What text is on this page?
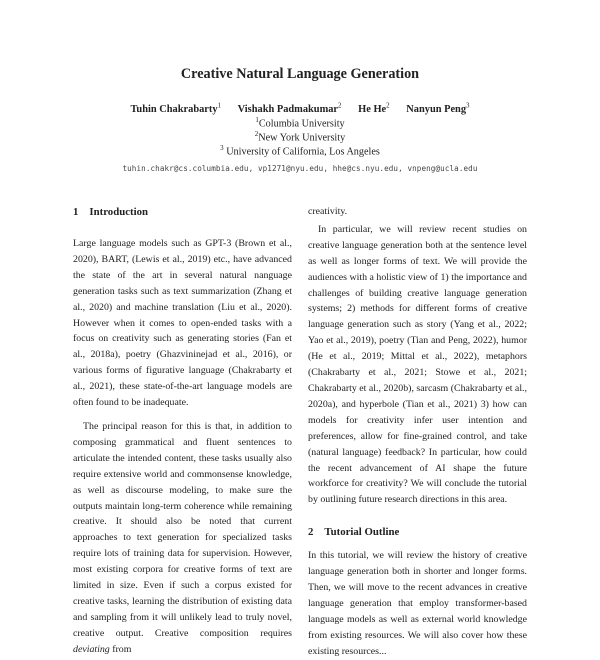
Creative Natural Language Generation
Tuhin Chakrabarty$^1$ Vishakh Padmakumar$^2$ He He$^2$ Nanyun Peng$^3$
$^1$Columbia University
$^2$New York University
$^3$ University of California, Los Angeles
tuhin.chakr@cs.columbia.edu, vp1271@nyu.edu, hhe@cs.nyu.edu, vnpeng@ucla.edu
1 Introduction

Large language models such as GPT-3 (Brown et al., 2020), BART, (Lewis et al., 2019) etc., have advanced the state of the art in several natural nanguage generation tasks such as text summarization (Zhang et al., 2020) and machine translation (Liu et al., 2020). However when it comes to open-ended tasks with a focus on creativity such as generating stories (Fan et al., 2018a), poetry (Ghazvininejad et al., 2016), or various forms of figurative language (Chakrabarty et al., 2021), these state-of-the-art language models are often found to be inadequate.

The principal reason for this is that, in addition to composing grammatical and fluent sentences to articulate the intended content, these tasks usually also require extensive world and commonsense knowledge, as well as discourse modeling, to make sure the outputs maintain long-term coherence while remaining creative. It should also be noted that current approaches to text generation for specialized tasks require lots of training data for supervision. However, most existing corpora for creative forms of text are limited in size. Even if such a corpus existed for creative tasks, learning the distribution of existing data and sampling from it will unlikely lead to truly novel, creative output. Creative composition requires deviating from

creativity.

In particular, we will review recent studies on creative language generation both at the sentence level as well as longer forms of text. We will provide the audiences with a holistic view of 1) the importance and challenges of building creative language generation systems; 2) methods for different forms of creative language generation such as story (Yang et al., 2022; Yao et al., 2019), poetry (Tian and Peng, 2022), humor (He et al., 2019; Mittal et al., 2022), metaphors (Chakrabarty et al., 2021; Stowe et al., 2021; Chakrabarty et al., 2020b), sarcasm (Chakrabarty et al., 2020a), and hyperbole (Tian et al., 2021) 3) how can models for creativity infer user intention and preferences, allow for fine-grained control, and take (natural language) feedback? In particular, how could the recent advancement of AI shape the future workforce for creativity? We will conclude the tutorial by outlining future research directions in this area.

2 Tutorial Outline

In this tutorial, we will review the history of creative language generation both in shorter and longer forms. Then, we will move to the recent advances in creative language generation that employ transformer-based language models as well as external world knowledge from existing resources. We will also cover how these existing resources...
